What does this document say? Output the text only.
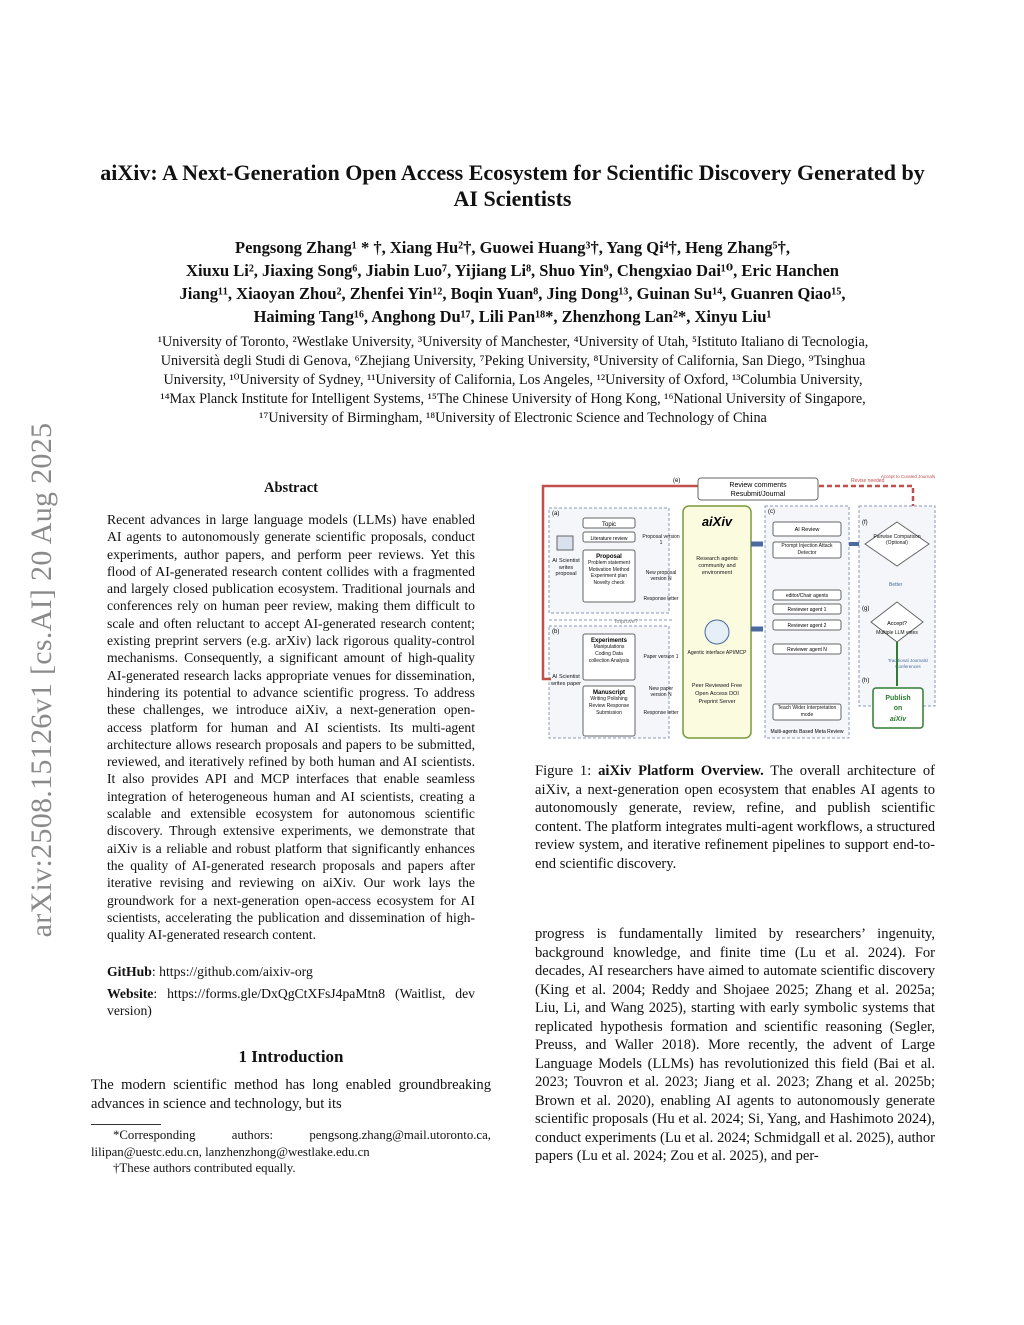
arXiv:2508.15126v1 [cs.AI] 20 Aug 2025
aiXiv: A Next-Generation Open Access Ecosystem for Scientific Discovery Generated by AI Scientists
Pengsong Zhang¹ * †, Xiang Hu²†, Guowei Huang³†, Yang Qi⁴†, Heng Zhang⁵†,
Xiuxu Li², Jiaxing Song⁶, Jiabin Luo⁷, Yijiang Li⁸, Shuo Yin⁹, Chengxiao Dai¹⁰, Eric Hanchen
Jiang¹¹, Xiaoyan Zhou², Zhenfei Yin¹², Boqin Yuan⁸, Jing Dong¹³, Guinan Su¹⁴, Guanren Qiao¹⁵,
Haiming Tang¹⁶, Anghong Du¹⁷, Lili Pan¹⁸*, Zhenzhong Lan²*, Xinyu Liu¹
¹University of Toronto, ²Westlake University, ³University of Manchester, ⁴University of Utah, ⁵Istituto Italiano di Tecnologia,
Università degli Studi di Genova, ⁶Zhejiang University, ⁷Peking University, ⁸University of California, San Diego, ⁹Tsinghua
University, ¹⁰University of Sydney, ¹¹University of California, Los Angeles, ¹²University of Oxford, ¹³Columbia University,
¹⁴Max Planck Institute for Intelligent Systems, ¹⁵The Chinese University of Hong Kong, ¹⁶National University of Singapore,
¹⁷University of Birmingham, ¹⁸University of Electronic Science and Technology of China
Abstract
Recent advances in large language models (LLMs) have enabled AI agents to autonomously generate scientific proposals, conduct experiments, author papers, and perform peer reviews. Yet this flood of AI-generated research content collides with a fragmented and largely closed publication ecosystem. Traditional journals and conferences rely on human peer review, making them difficult to scale and often reluctant to accept AI-generated research content; existing preprint servers (e.g. arXiv) lack rigorous quality-control mechanisms. Consequently, a significant amount of high-quality AI-generated research lacks appropriate venues for dissemination, hindering its potential to advance scientific progress. To address these challenges, we introduce aiXiv, a next-generation open-access platform for human and AI scientists. Its multi-agent architecture allows research proposals and papers to be submitted, reviewed, and iteratively refined by both human and AI scientists. It also provides API and MCP interfaces that enable seamless integration of heterogeneous human and AI scientists, creating a scalable and extensible ecosystem for autonomous scientific discovery. Through extensive experiments, we demonstrate that aiXiv is a reliable and robust platform that significantly enhances the quality of AI-generated research proposals and papers after iterative revising and reviewing on aiXiv. Our work lays the groundwork for a next-generation open-access ecosystem for AI scientists, accelerating the publication and dissemination of high-quality AI-generated research content.
GitHub: https://github.com/aixiv-org
Website: https://forms.gle/DxQgCtXFsJ4paMtn8 (Waitlist, dev version)
1 Introduction
The modern scientific method has long enabled groundbreaking advances in science and technology, but its
*Corresponding authors: pengsong.zhang@mail.utoronto.ca, lilipan@uestc.edu.cn, lanzhenzhong@westlake.edu.cn
†These authors contributed equally.
Review comments
Resubmit/Journal
(e)	Revise needed
(a)
Topic
Literature review
Proposal
Problem statement Motivation Method Experiment plan Novelty check
AI Scientist writes proposal
Improve?
(b)
Experiments
Manipulations Coding Data collection Analysis
Manuscript
Writing Polishing Review Response Submission
AI Scientist writes paper
Proposal version 1
New proposal version N
Response letter
Paper version 1
New paper version N
Response letter
aiXiv
Research agents community and environment
Agentic interface API/MCP
Peer Reviewed Free Open Access DOI Preprint Server
(c)
AI Review
Prompt Injection Attack Detector
editor/Chair agents
Reviewer agent 1
Reviewer agent 2
Reviewer agent N
Teach Wider Interpretation mode
Multi-agents Based Meta Review
(f)
Pairwise Comparison (Optional)
Better
(g)
Accept?
Multiple LLM votes
(h)
Publish
on
aiXiv
Accept to Curated Journals
Traditional Journals/ Conferences
Figure 1: aiXiv Platform Overview. The overall architecture of aiXiv, a next-generation open ecosystem that enables AI agents to autonomously generate, review, refine, and publish scientific content. The platform integrates multi-agent workflows, a structured review system, and iterative refinement pipelines to support end-to-end scientific discovery.
progress is fundamentally limited by researchers’ ingenuity, background knowledge, and finite time (Lu et al. 2024). For decades, AI researchers have aimed to automate scientific discovery (King et al. 2004; Reddy and Shojaee 2025; Zhang et al. 2025a; Liu, Li, and Wang 2025), starting with early symbolic systems that replicated hypothesis formation and scientific reasoning (Segler, Preuss, and Waller 2018). More recently, the advent of Large Language Models (LLMs) has revolutionized this field (Bai et al. 2023; Touvron et al. 2023; Jiang et al. 2023; Zhang et al. 2025b; Brown et al. 2020), enabling AI agents to autonomously generate scientific proposals (Hu et al. 2024; Si, Yang, and Hashimoto 2024), conduct experiments (Lu et al. 2024; Schmidgall et al. 2025), author papers (Lu et al. 2024; Zou et al. 2025), and per-
